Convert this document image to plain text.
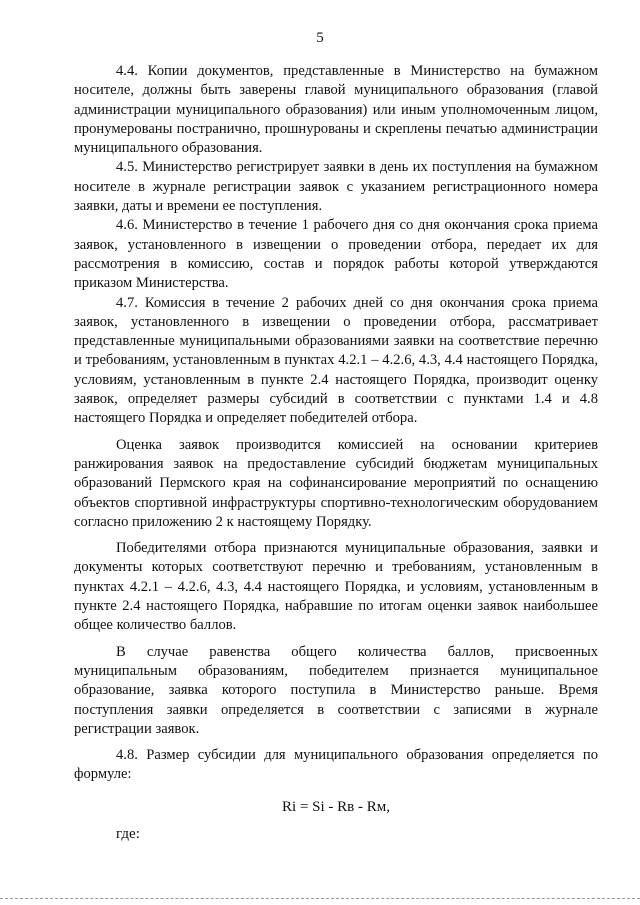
5

4.4. Копии документов, представленные в Министерство на бумажном носителе, должны быть заверены главой муниципального образования (главой администрации муниципального образования) или иным уполномоченным лицом, пронумерованы постранично, прошнурованы и скреплены печатью администрации муниципального образования.

4.5. Министерство регистрирует заявки в день их поступления на бумажном носителе в журнале регистрации заявок с указанием регистрационного номера заявки, даты и времени ее поступления.

4.6. Министерство в течение 1 рабочего дня со дня окончания срока приема заявок, установленного в извещении о проведении отбора, передает их для рассмотрения в комиссию, состав и порядок работы которой утверждаются приказом Министерства.

4.7. Комиссия в течение 2 рабочих дней со дня окончания срока приема заявок, установленного в извещении о проведении отбора, рассматривает представленные муниципальными образованиями заявки на соответствие перечню и требованиям, установленным в пунктах 4.2.1 – 4.2.6, 4.3, 4.4 настоящего Порядка, условиям, установленным в пункте 2.4 настоящего Порядка, производит оценку заявок, определяет размеры субсидий в соответствии с пунктами 1.4 и 4.8 настоящего Порядка и определяет победителей отбора.

Оценка заявок производится комиссией на основании критериев ранжирования заявок на предоставление субсидий бюджетам муниципальных образований Пермского края на софинансирование мероприятий по оснащению объектов спортивной инфраструктуры спортивно-технологическим оборудованием согласно приложению 2 к настоящему Порядку.

Победителями отбора признаются муниципальные образования, заявки и документы которых соответствуют перечню и требованиям, установленным в пунктах 4.2.1 – 4.2.6, 4.3, 4.4 настоящего Порядка, и условиям, установленным в пункте 2.4 настоящего Порядка, набравшие по итогам оценки заявок наибольшее общее количество баллов.

В случае равенства общего количества баллов, присвоенных муниципальным образованиям, победителем признается муниципальное образование, заявка которого поступила в Министерство раньше. Время поступления заявки определяется в соответствии с записями в журнале регистрации заявок.

4.8. Размер субсидии для муниципального образования определяется по формуле:

Ri = Si - Rв - Rм,
где:
